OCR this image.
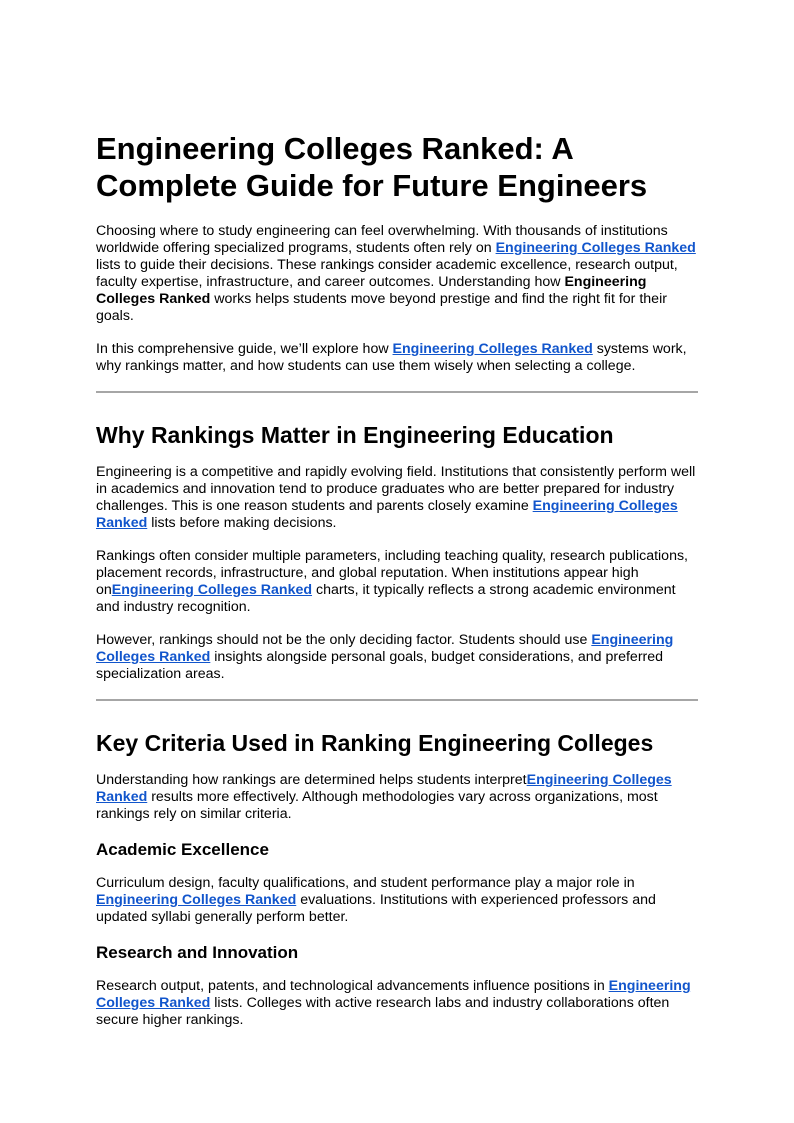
Engineering Colleges Ranked: A Complete Guide for Future Engineers

Choosing where to study engineering can feel overwhelming. With thousands of institutions worldwide offering specialized programs, students often rely on Engineering Colleges Ranked lists to guide their decisions. These rankings consider academic excellence, research output, faculty expertise, infrastructure, and career outcomes. Understanding how Engineering Colleges Ranked works helps students move beyond prestige and find the right fit for their goals.

In this comprehensive guide, we’ll explore how Engineering Colleges Ranked systems work, why rankings matter, and how students can use them wisely when selecting a college.

Why Rankings Matter in Engineering Education

Engineering is a competitive and rapidly evolving field. Institutions that consistently perform well in academics and innovation tend to produce graduates who are better prepared for industry challenges. This is one reason students and parents closely examine Engineering Colleges Ranked lists before making decisions.

Rankings often consider multiple parameters, including teaching quality, research publications, placement records, infrastructure, and global reputation. When institutions appear high onEngineering Colleges Ranked charts, it typically reflects a strong academic environment and industry recognition.

However, rankings should not be the only deciding factor. Students should use Engineering Colleges Ranked insights alongside personal goals, budget considerations, and preferred specialization areas.

Key Criteria Used in Ranking Engineering Colleges

Understanding how rankings are determined helps students interpretEngineering Colleges Ranked results more effectively. Although methodologies vary across organizations, most rankings rely on similar criteria.

Academic Excellence

Curriculum design, faculty qualifications, and student performance play a major role in Engineering Colleges Ranked evaluations. Institutions with experienced professors and updated syllabi generally perform better.

Research and Innovation

Research output, patents, and technological advancements influence positions in Engineering Colleges Ranked lists. Colleges with active research labs and industry collaborations often secure higher rankings.
